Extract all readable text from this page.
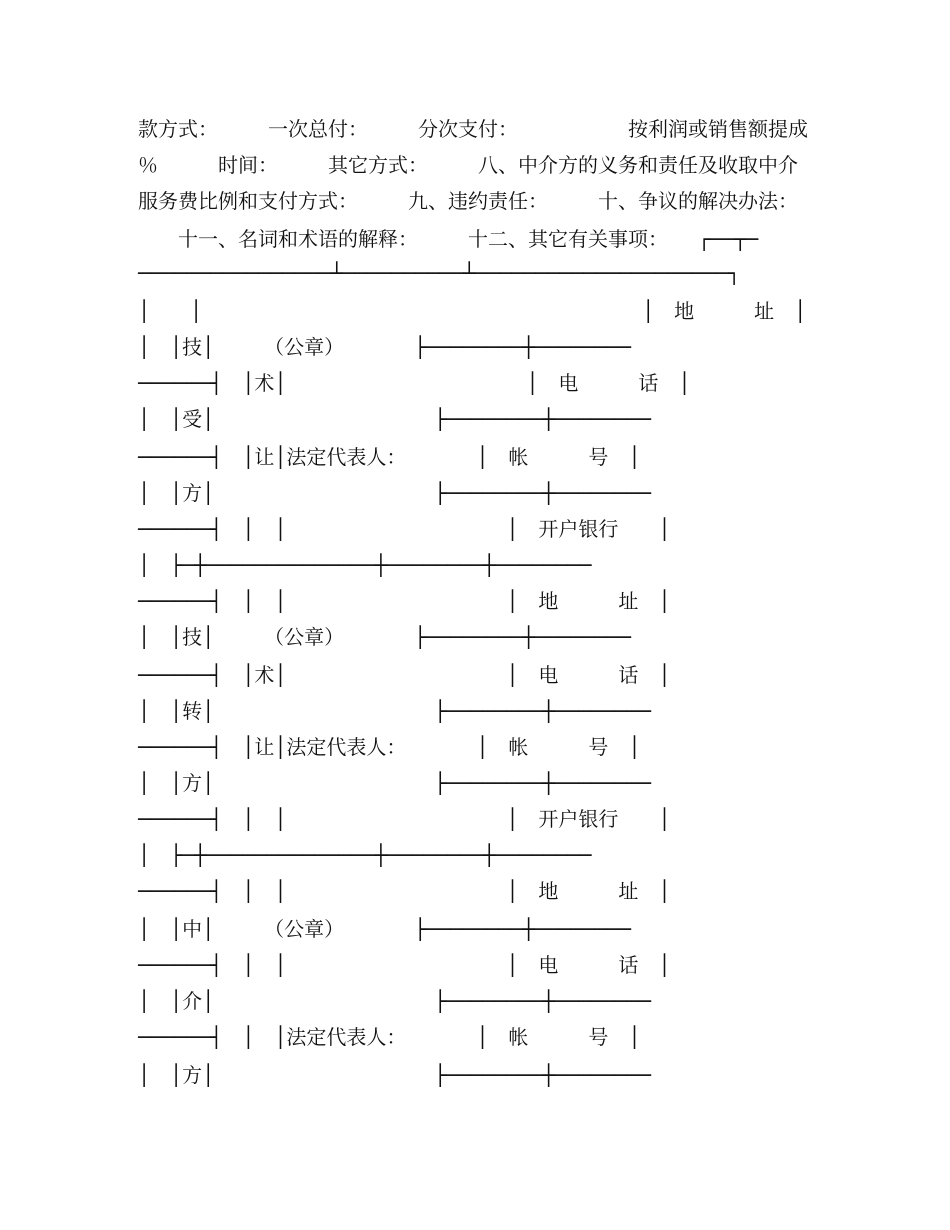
款方式：　　　一次总付：　　　分次支付：　　　　　　按利润或销售额提成
％　　　时间：　　　其它方式：　　　八、中介方的义务和责任及收取中介
服务费比例和支付方式：　　　九、违约责任：　　　十、争议的解决办法：
　　十一、名词和术语的解释：　　　十二、其它有关事项：　　┌──┬─
────────────────┴──────────┴─────────────────────┐
│　　│　　　　　　　　　　　　　　　　　　　　　　│　地　　　址　│
│　│技│　　　（公章）　　　　├────────┼────────
──────┤　│术│　　　　　　　　　　　　│　电　　　话　│
│　│受│　　　　　　　　　　　├────────┼────────
──────┤　│让│法定代表人：　　　　│　帐　　　号　│
│　│方│　　　　　　　　　　　├────────┼────────
──────┤　│　│　　　　　　　　　　　│　开户银行　　│
│　├─┼──────────────┼────────┼────────
──────┤　│　│　　　　　　　　　　　│　地　　　址　│
│　│技│　　　（公章）　　　　├────────┼────────
──────┤　│术│　　　　　　　　　　　│　电　　　话　│
│　│转│　　　　　　　　　　　├────────┼────────
──────┤　│让│法定代表人：　　　　│　帐　　　号　│
│　│方│　　　　　　　　　　　├────────┼────────
──────┤　│　│　　　　　　　　　　　│　开户银行　　│
│　├─┼──────────────┼────────┼────────
──────┤　│　│　　　　　　　　　　　│　地　　　址　│
│　│中│　　　（公章）　　　　├────────┼────────
──────┤　│　│　　　　　　　　　　　│　电　　　话　│
│　│介│　　　　　　　　　　　├────────┼────────
──────┤　│　│法定代表人：　　　　│　帐　　　号　│
│　│方│　　　　　　　　　　　├────────┼────────
